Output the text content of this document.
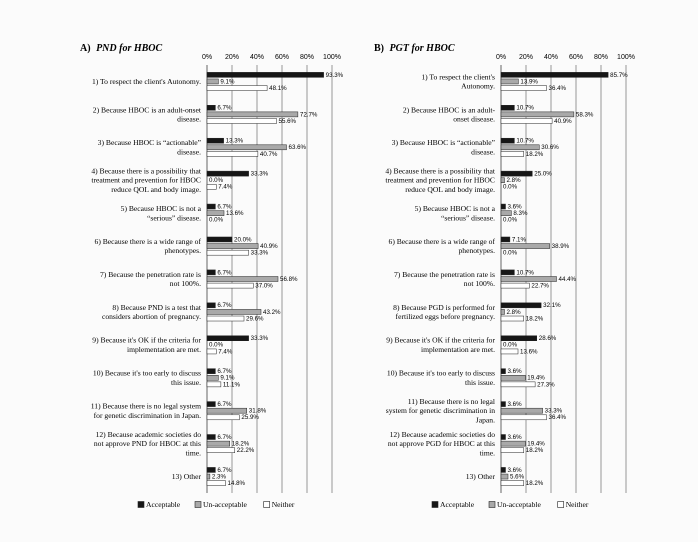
A) PND for HBOC
0% 20% 40% 60% 80% 100%
1) To respect the client's Autonomy.
93.3%
9.1%
48.1%
2) Because HBOC is an adult-onset
disease.
6.7%
72.7%
55.6%
3) Because HBOC is “actionable”
disease.
13.3%
63.6%
40.7%
4) Because there is a possibility that
treatment and prevention for HBOC
reduce QOL and body image.
33.3%
0.0%
7.4%
5) Because HBOC is not a
“serious” disease.
6.7%
13.6%
0.0%
6) Because there is a wide range of
phenotypes.
20.0%
40.9%
33.3%
7) Because the penetration rate is
not 100%.
6.7%
56.8%
37.0%
8) Because PND is a test that
considers abortion of pregnancy.
6.7%
43.2%
29.6%
9) Because it's OK if the criteria for
implementation are met.
33.3%
0.0%
7.4%
10) Because it's too early to discuss
this issue.
6.7%
9.1%
11.1%
11) Because there is no legal system
for genetic discrimination in Japan.
6.7%
31.8%
25.9%
12) Because academic societies do
not approve PND for HBOC at this
time.
6.7%
18.2%
22.2%
13) Other
6.7%
2.3%
14.8%
Acceptable	Un-acceptable	Neither
B) PGT for HBOC
0% 20% 40% 60% 80% 100%
1) To respect the client's
Autonomy.
85.7%
13.9%
36.4%
2) Because HBOC is an adult-
onset disease.
10.7%
58.3%
40.9%
3) Because HBOC is “actionable”
disease.
10.7%
30.6%
18.2%
4) Because there is a possibility that
treatment and prevention for HBOC
reduce QOL and body image.
25.0%
2.8%
0.0%
5) Because HBOC is not a
“serious” disease.
3.6%
8.3%
0.0%
6) Because there is a wide range of
phenotypes.
7.1%
38.9%
0.0%
7) Because the penetration rate is
not 100%.
10.7%
44.4%
22.7%
8) Because PGD is performed for
fertilized eggs before pregnancy.
32.1%
2.8%
18.2%
9) Because it's OK if the criteria for
implementation are met.
28.6%
0.0%
13.6%
10) Because it's too early to discuss
this issue.
3.6%
19.4%
27.3%
11) Because there is no legal
system for genetic discrimination in
Japan.
3.6%
33.3%
36.4%
12) Because academic societies do
not approve PGD for HBOC at this
time.
3.6%
19.4%
18.2%
13) Other
3.6%
5.6%
18.2%
Acceptable	Un-acceptable	Neither
